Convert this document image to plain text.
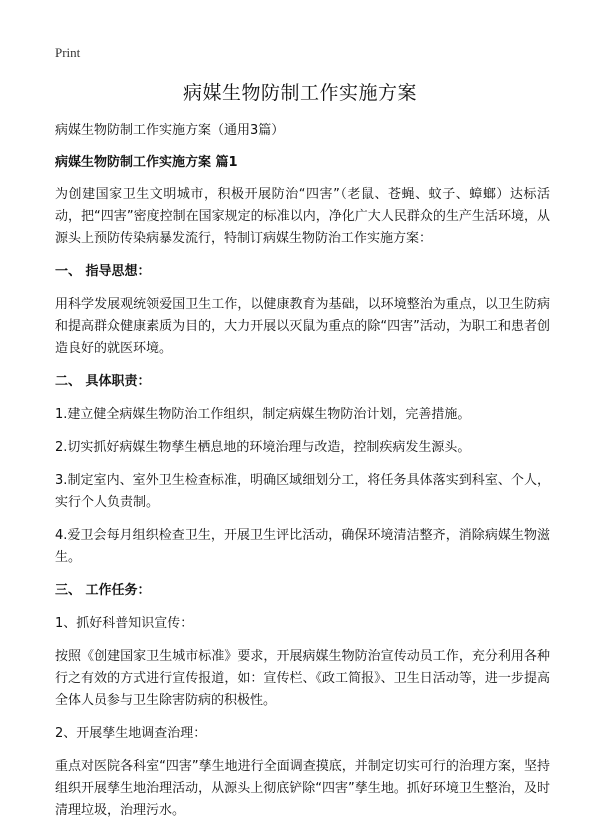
Print
病媒生物防制工作实施方案

病媒生物防制工作实施方案（通用3篇）

病媒生物防制工作实施方案 篇1

为创建国家卫生文明城市，积极开展防治“四害”（老鼠、苍蝇、蚊子、蟑螂）达标活动，把“四害”密度控制在国家规定的标准以内，净化广大人民群众的生产生活环境，从源头上预防传染病暴发流行，特制订病媒生物防治工作实施方案：

一、 指导思想：

用科学发展观统领爱国卫生工作，以健康教育为基础，以环境整治为重点，以卫生防病和提高群众健康素质为目的，大力开展以灭鼠为重点的除“四害”活动，为职工和患者创造良好的就医环境。

二、 具体职责：

1.建立健全病媒生物防治工作组织，制定病媒生物防治计划，完善措施。

2.切实抓好病媒生物孳生栖息地的环境治理与改造，控制疾病发生源头。

3.制定室内、室外卫生检查标准，明确区域细划分工，将任务具体落实到科室、个人，实行个人负责制。

4.爱卫会每月组织检查卫生，开展卫生评比活动，确保环境清洁整齐，消除病媒生物滋生。

三、 工作任务：

1、抓好科普知识宣传：

按照《创建国家卫生城市标准》要求，开展病媒生物防治宣传动员工作，充分利用各种行之有效的方式进行宣传报道，如：宣传栏、《政工简报》、卫生日活动等，进一步提高全体人员参与卫生除害防病的积极性。

2、开展孳生地调查治理：

重点对医院各科室“四害”孳生地进行全面调查摸底，并制定切实可行的治理方案，坚持组织开展孳生地治理活动，从源头上彻底铲除“四害”孳生地。抓好环境卫生整治，及时清理垃圾，治理污水。
